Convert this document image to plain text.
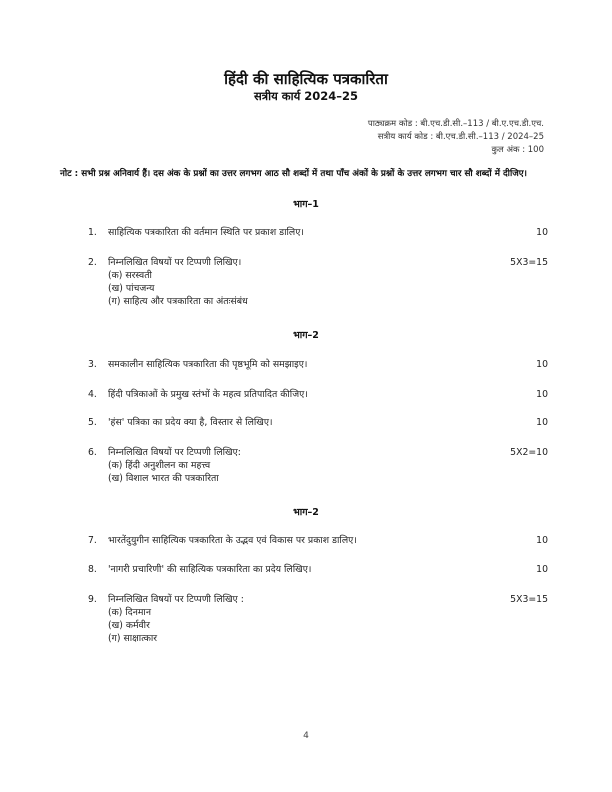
हिंदी की साहित्यिक पत्रकारिता
सत्रीय कार्य 2024–25
पाठ्यक्रम कोड : बी.एच.डी.सी.–113 / बी.ए.एच.डी.एच.
सत्रीय कार्य कोड : बी.एच.डी.सी.–113 / 2024–25
कुल अंक : 100
नोट : सभी प्रश्न अनिवार्य हैं। दस अंक के प्रश्नों का उत्तर लगभग आठ सौ शब्दों में तथा पाँच अंकों के प्रश्नों के उत्तर लगभग चार सौ शब्दों में दीजिए।
भाग–1
1.	साहित्यिक पत्रकारिता की वर्तमान स्थिति पर प्रकाश डालिए।	10
2.	निम्नलिखित विषयों पर टिप्पणी लिखिए।	5X3=15
(क) सरस्वती
(ख) पांचजन्य
(ग) साहित्य और पत्रकारिता का अंतःसंबंध
भाग–2
3.	समकालीन साहित्यिक पत्रकारिता की पृष्ठभूमि को समझाइए।	10
4.	हिंदी पत्रिकाओं के प्रमुख स्तंभों के महत्व प्रतिपादित कीजिए।	10
5.	'हंस' पत्रिका का प्रदेय क्या है, विस्तार से लिखिए।	10
6.	निम्नलिखित विषयों पर टिप्पणी लिखिए:	5X2=10
(क) हिंदी अनुशीलन का महत्त्व
(ख) विशाल भारत की पत्रकारिता
भाग–2
7.	भारतेंदुयुगीन साहित्यिक पत्रकारिता के उद्भव एवं विकास पर प्रकाश डालिए।	10
8.	'नागरी प्रचारिणी' की साहित्यिक पत्रकारिता का प्रदेय लिखिए।	10
9.	निम्नलिखित विषयों पर टिप्पणी लिखिए :	5X3=15
(क) दिनमान
(ख) कर्मवीर
(ग) साक्षात्कार
4
